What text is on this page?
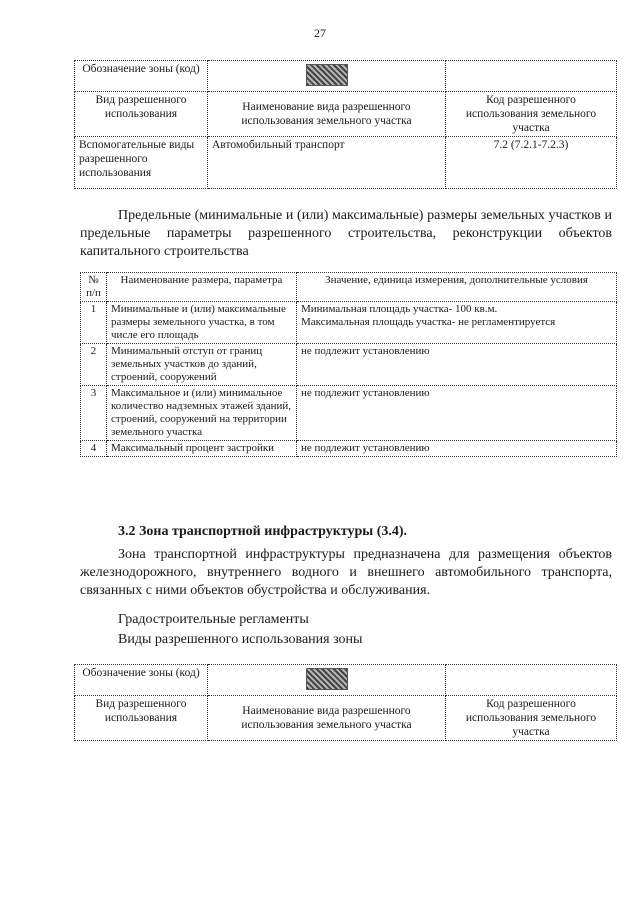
27
Обозначение зоны (код)		
Вид разрешенного использования	Наименование вида разрешенного использования земельного участка	Код разрешенного использования земельного участка
Вспомогательные виды разрешенного использования	Автомобильный транспорт	7.2 (7.2.1-7.2.3)
Предельные (минимальные и (или) максимальные) размеры земельных участков и предельные параметры разрешенного строительства, реконструкции объектов капитального строительства
№ п/п	Наименование размера, параметра	Значение, единица измерения, дополнительные условия
1	Минимальные и (или) максимальные размеры земельного участка, в том числе его площадь	Минимальная площадь участка- 100 кв.м.
Максимальная площадь участка- не регламентируется

2	Минимальный отступ от границ земельных участков до зданий, строений, сооружений	не подлежит установлению
3	Максимальное и (или) минимальное количество надземных этажей зданий, строений, сооружений на территории земельного участка	не подлежит установлению
4	Максимальный процент застройки	не подлежит установлению
3.2 Зона транспортной инфраструктуры (3.4).
Зона транспортной инфраструктуры предназначена для размещения объектов железнодорожного, внутреннего водного и внешнего автомобильного транспорта, связанных с ними объектов обустройства и обслуживания.
Градостроительные регламенты
Виды разрешенного использования зоны
Обозначение зоны (код)		
Вид разрешенного использования	Наименование вида разрешенного использования земельного участка	Код разрешенного использования земельного участка
